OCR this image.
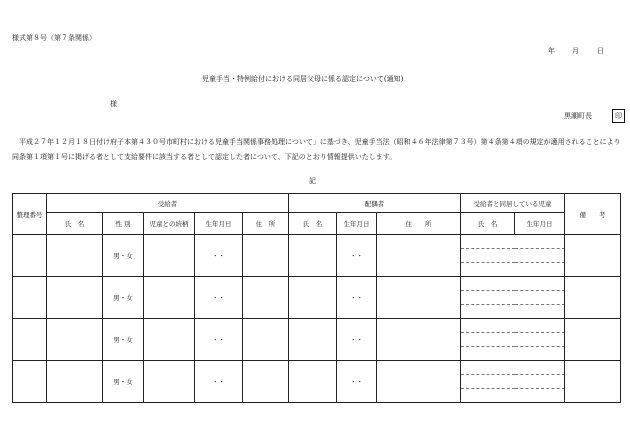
様式第８号（第７条関係）
年 月	日
児童手当・特例給付における同居父母に係る認定について(通知)
様
黒潮町長	印
　平成２７年１２月１８日付け府子本第４３０号市町村における児童手当関係事務処理について」に基づき、児童手当法（昭和４６年法律第７３号）第４条第４項の規定が適用されることにより同条第１項第１号に掲げる者として支給要件に該当する者として認定した者について、下記のとおり情報提供いたします。
記
整理番号	受給者	配偶者	受給者と同居している児童	備　　考
氏　名	性 別	児童との続柄	生年月日	住　所	氏　名	生年月日	住　　所	氏　名	生年月日
		男・女		・・			・・		

		男・女		・・			・・		

		男・女		・・			・・		

		男・女		・・			・・		
